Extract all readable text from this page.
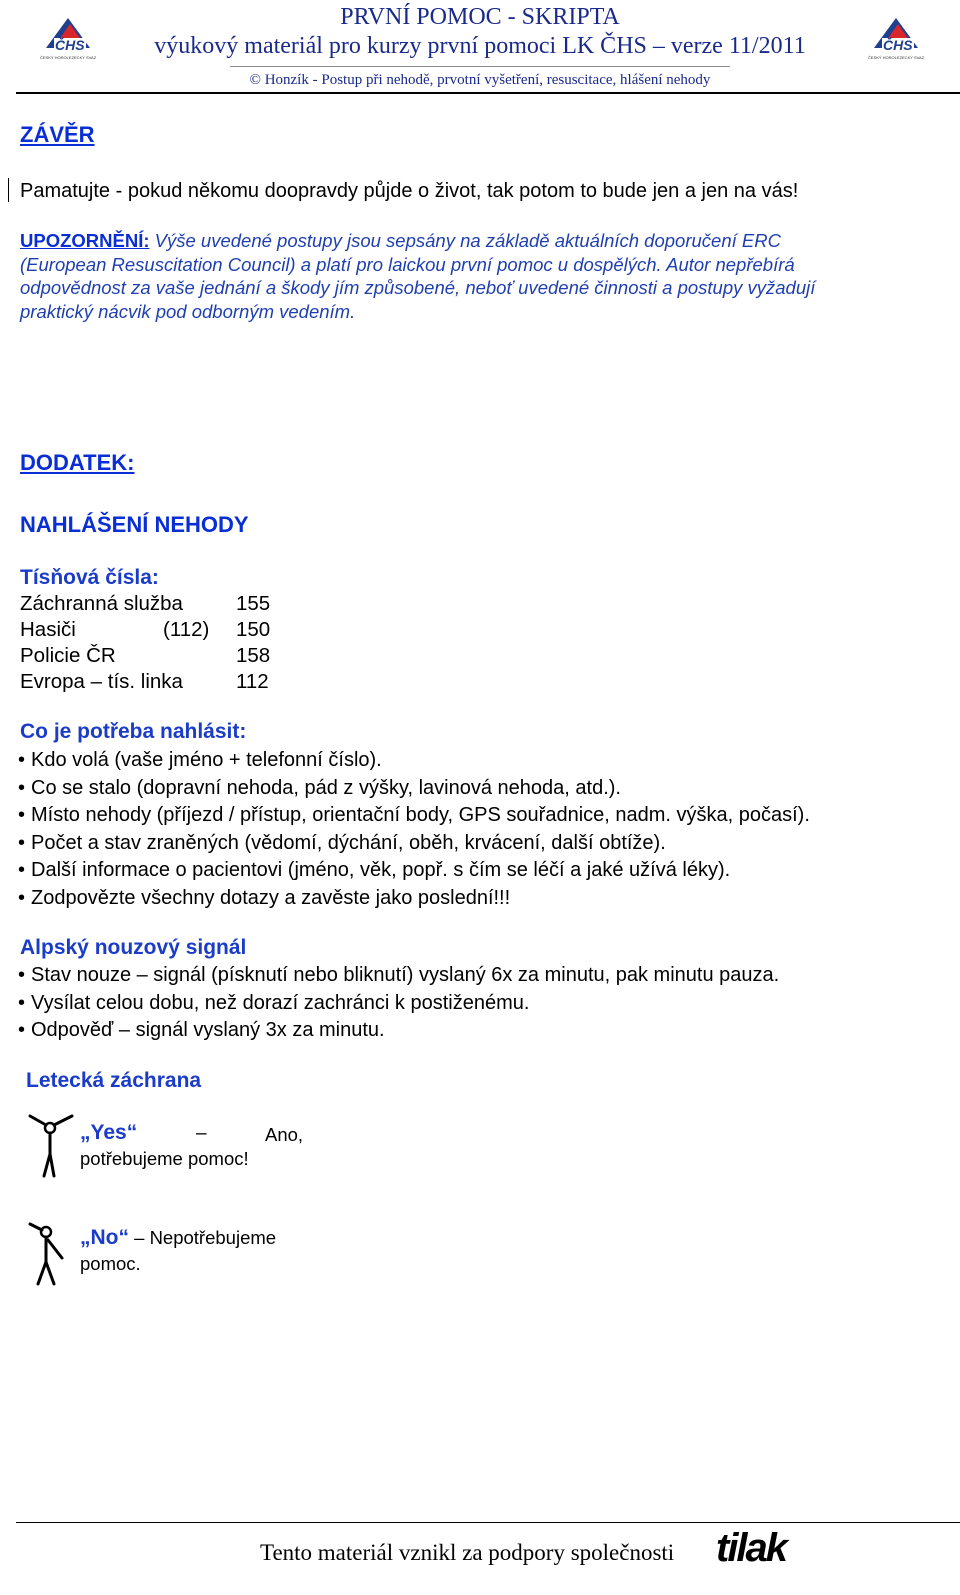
ČHS
ČESKÝ HOROLEZECKÝ SVAZ
ČHS
ČESKÝ HOROLEZECKÝ SVAZ
PRVNÍ POMOC - SKRIPTA
výukový materiál pro kurzy první pomoci LK ČHS – verze 11/2011
© Honzík - Postup při nehodě, prvotní vyšetření, resuscitace, hlášení nehody
ZÁVĚR
Pamatujte - pokud někomu doopravdy půjde o život, tak potom to bude jen a jen na vás!
UPOZORNĚNÍ: Výše uvedené postupy jsou sepsány na základě aktuálních doporučení ERC
(European Resuscitation Council) a platí pro laickou první pomoc u dospělých. Autor nepřebírá
odpovědnost za vaše jednání a škody jím způsobené, neboť uvedené činnosti a postupy vyžadují
praktický nácvik pod odborným vedením.
DODATEK:
NAHLÁŠENÍ NEHODY
Tísňová čísla:
Záchranná služba	155
Hasiči	(112) 150
Policie ČR	158
Evropa – tís. linka	112
Co je potřeba nahlásit:
• Kdo volá (vaše jméno + telefonní číslo).
• Co se stalo (dopravní nehoda, pád z výšky, lavinová nehoda, atd.).
• Místo nehody (příjezd / přístup, orientační body, GPS souřadnice, nadm. výška, počasí).
• Počet a stav zraněných (vědomí, dýchání, oběh, krvácení, další obtíže).
• Další informace o pacientovi (jméno, věk, popř. s čím se léčí a jaké užívá léky).
• Zodpovězte všechny dotazy a zavěste jako poslední!!!
Alpský nouzový signál
• Stav nouze – signál (písknutí nebo bliknutí) vyslaný 6x za minutu, pak minutu pauza.
• Vysílat celou dobu, než dorazí zachránci k postiženému.
• Odpověď – signál vyslaný 3x za minutu.
Letecká záchrana
„Yes“	–	Ano,
potřebujeme pomoc!
„No“ – Nepotřebujeme
pomoc.
Tento materiál vznikl za podpory společnosti tilak
